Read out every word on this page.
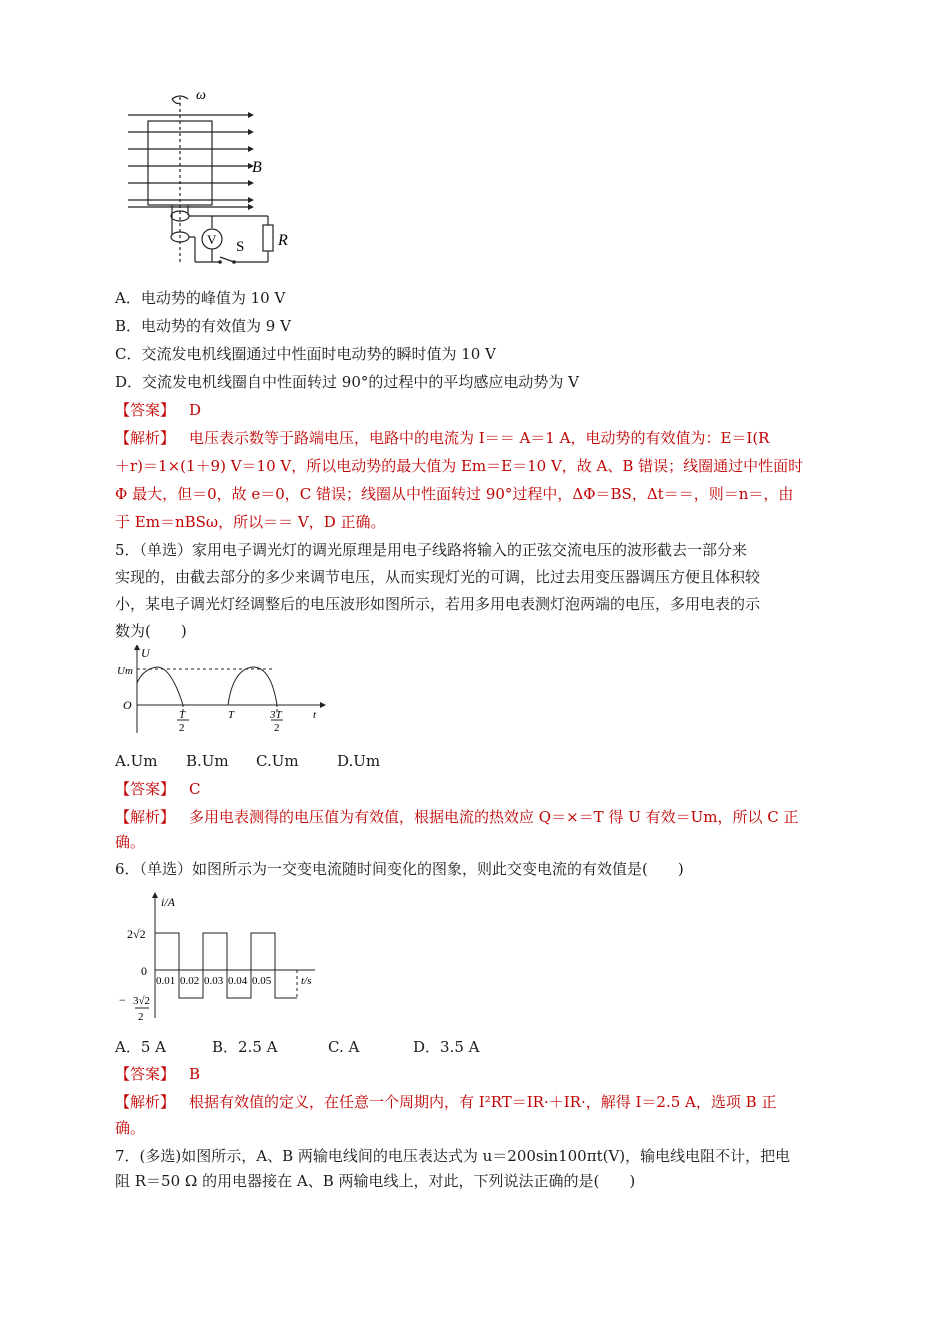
ω
B
V S R
A．电动势的峰值为 10 V
B．电动势的有效值为 9 V
C．交流发电机线圈通过中性面时电动势的瞬时值为 10 V
D．交流发电机线圈自中性面转过 90°的过程中的平均感应电动势为 V
【答案】 D
【解析】 电压表示数等于路端电压，电路中的电流为 I＝＝ A＝1 A，电动势的有效值为：E＝I(R
＋r)＝1×(1＋9) V＝10 V，所以电动势的最大值为 Em＝E＝10 V，故 A、B 错误；线圈通过中性面时
Φ 最大，但＝0，故 e＝0，C 错误；线圈从中性面转过 90°过程中，ΔΦ＝BS，Δt＝＝，则＝n＝，由
于 Em＝nBSω，所以＝＝ V，D 正确。
5．（单选）家用电子调光灯的调光原理是用电子线路将输入的正弦交流电压的波形截去一部分来
实现的，由截去部分的多少来调节电压，从而实现灯光的可调，比过去用变压器调压方便且体积较
小，某电子调光灯经调整后的电压波形如图所示，若用多用电表测灯泡两端的电压，多用电表的示
数为(　　)
U
Um
O
T
2
T	3T
2
t
A.Um B.Um C.Um	D.Um
【答案】 C
【解析】 多用电表测得的电压值为有效值，根据电流的热效应 Q＝×＝T 得 U 有效＝Um，所以 C 正
确。
6．（单选）如图所示为一交变电流随时间变化的图象，则此交变电流的有效值是(　　)
i/A
2√2
0
− 3√2
2
0.01 0.02 0.03 0.04 0.05	t/s
A．5 A	B．2.5 A	C. A	D．3.5 A
【答案】 B
【解析】 根据有效值的定义，在任意一个周期内，有 I²RT＝IR·＋IR·，解得 I＝2.5 A，选项 B 正
确。
7．(多选)如图所示，A、B 两输电线间的电压表达式为 u＝200sin100πt(V)，输电线电阻不计，把电
阻 R＝50 Ω 的用电器接在 A、B 两输电线上，对此，下列说法正确的是(　　)
